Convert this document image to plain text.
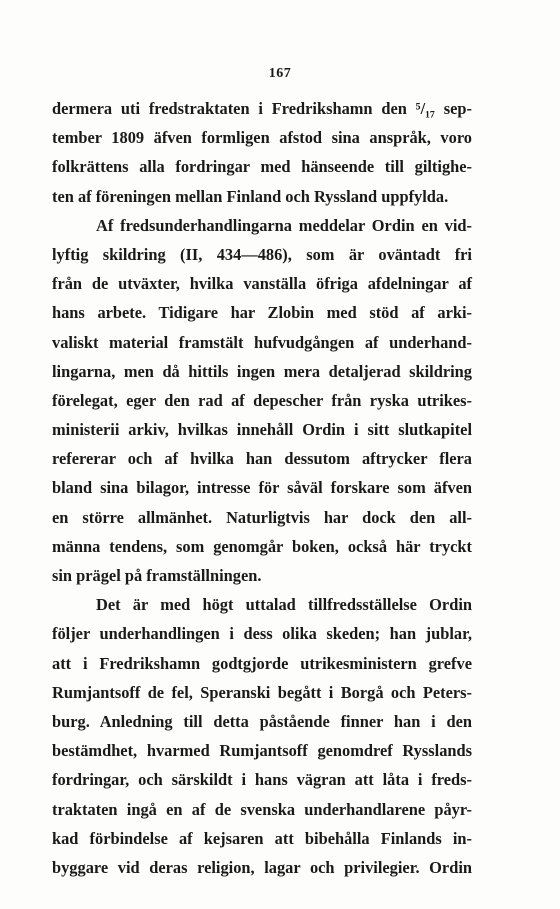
167
dermera uti fredstraktaten i Fredrikshamn den ⁵/₁₇ sep-
tember 1809 äfven formligen afstod sina anspråk, voro
folkrättens alla fordringar med hänseende till giltighe-
ten af föreningen mellan Finland och Ryssland uppfylda.
Af fredsunderhandlingarna meddelar Ordin en vid-
lyftig skildring (II, 434—486), som är oväntadt fri
från de utväxter, hvilka vanställa öfriga afdelningar af
hans arbete. Tidigare har Zlobin med stöd af arki-
valiskt material framstält hufvudgången af underhand-
lingarna, men då hittils ingen mera detaljerad skildring
förelegat, eger den rad af depescher från ryska utrikes-
ministerii arkiv, hvilkas innehåll Ordin i sitt slutkapitel
refererar och af hvilka han dessutom aftrycker flera
bland sina bilagor, intresse för såväl forskare som äfven
en större allmänhet. Naturligtvis har dock den all-
männa tendens, som genomgår boken, också här tryckt
sin prägel på framställningen.
Det är med högt uttalad tillfredsställelse Ordin
följer underhandlingen i dess olika skeden; han jublar,
att i Fredrikshamn godtgjorde utrikesministern grefve
Rumjantsoff de fel, Speranski begått i Borgå och Peters-
burg. Anledning till detta påstående finner han i den
bestämdhet, hvarmed Rumjantsoff genomdref Rysslands
fordringar, och särskildt i hans vägran att låta i freds-
traktaten ingå en af de svenska underhandlarene påyr-
kad förbindelse af kejsaren att bibehålla Finlands in-
byggare vid deras religion, lagar och privilegier. Ordin
